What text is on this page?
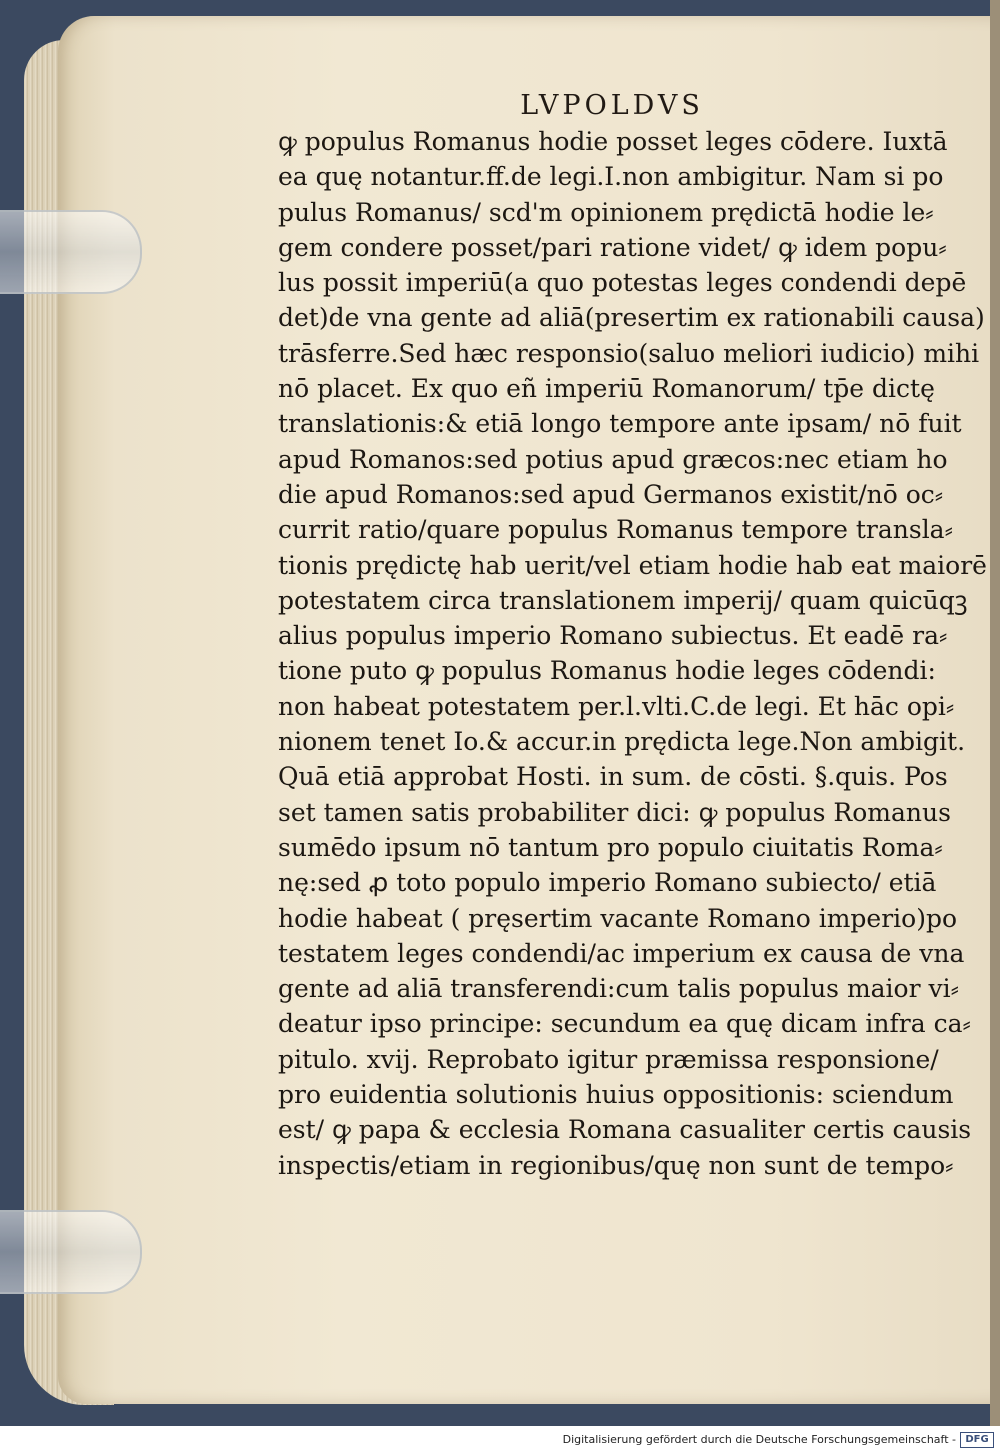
LVPOLDVS
ꝙ populus Romanus hodie posset leges cōdere. Iuxtā
ea quę notantur.ff.de legi.I.non ambigitur. Nam si po
pulus Romanus/ scd'm opinionem prędictā hodie le⸗
gem condere posset/pari ratione videt/ ꝙ idem popu⸗
lus possit imperiū(a quo potestas leges condendi depē
det)de vna gente ad aliā(presertim ex rationabili causa)
trāsferre.Sed hæc responsio(saluo meliori iudicio) mihi
nō placet. Ex quo eñ imperiū Romanorum/ tp̄e dictę
translationis:& etiā longo tempore ante ipsam/ nō fuit
apud Romanos:sed potius apud græcos:nec etiam ho
die apud Romanos:sed apud Germanos existit/nō oc⸗
currit ratio/quare populus Romanus tempore transla⸗
tionis prędictę hab uerit/vel etiam hodie hab eat maiorē
potestatem circa translationem imperij/ quam quicūqꝫ
alius populus imperio Romano subiectus. Et eadē ra⸗
tione puto ꝙ populus Romanus hodie leges cōdendi:
non habeat potestatem per.l.vlti.C.de legi. Et hāc opi⸗
nionem tenet Io.& accur.in prędicta lege.Non ambigit.
Quā etiā approbat Hosti. in sum. de cōsti. §.quis. Pos
set tamen satis probabiliter dici: ꝙ populus Romanus
sumēdo ipsum nō tantum pro populo ciuitatis Roma⸗
nę:sed ꝓ toto populo imperio Romano subiecto/ etiā
hodie habeat ( pręsertim vacante Romano imperio)po
testatem leges condendi/ac imperium ex causa de vna
gente ad aliā transferendi:cum talis populus maior vi⸗
deatur ipso principe: secundum ea quę dicam infra ca⸗
pitulo. xvij. Reprobato igitur præmissa responsione/
pro euidentia solutionis huius oppositionis: sciendum
est/ ꝙ papa & ecclesia Romana casualiter certis causis
inspectis/etiam in regionibus/quę non sunt de tempo⸗
Digitalisierung gefördert durch die Deutsche Forschungsgemeinschaft - DFG
